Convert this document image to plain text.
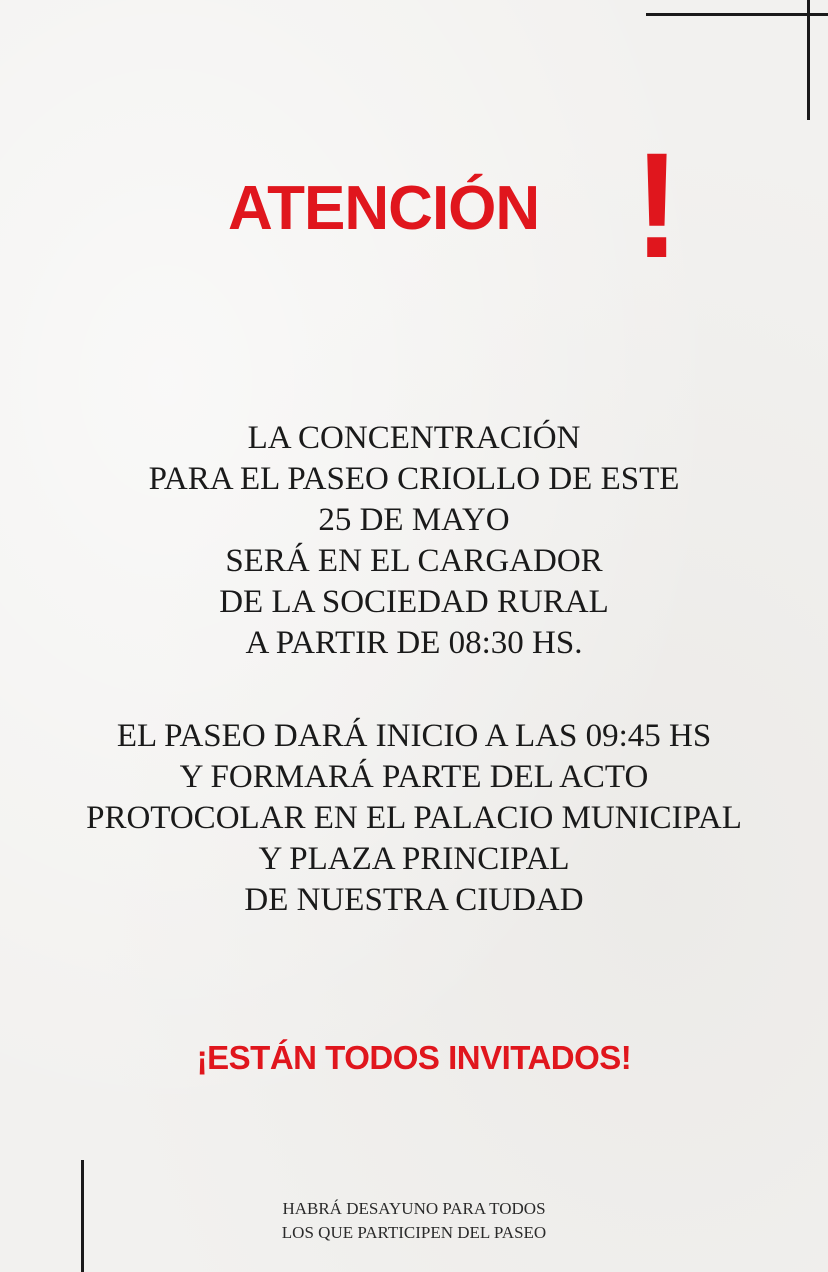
ATENCIÓN !
LA CONCENTRACIÓN
PARA EL PASEO CRIOLLO DE ESTE
25 DE MAYO
SERÁ EN EL CARGADOR
DE LA SOCIEDAD RURAL
A PARTIR DE 08:30 HS.
EL PASEO DARÁ INICIO A LAS 09:45 HS
Y FORMARÁ PARTE DEL ACTO
PROTOCOLAR EN EL PALACIO MUNICIPAL
Y PLAZA PRINCIPAL
DE NUESTRA CIUDAD
¡ESTÁN TODOS INVITADOS!
HABRÁ DESAYUNO PARA TODOS
LOS QUE PARTICIPEN DEL PASEO
